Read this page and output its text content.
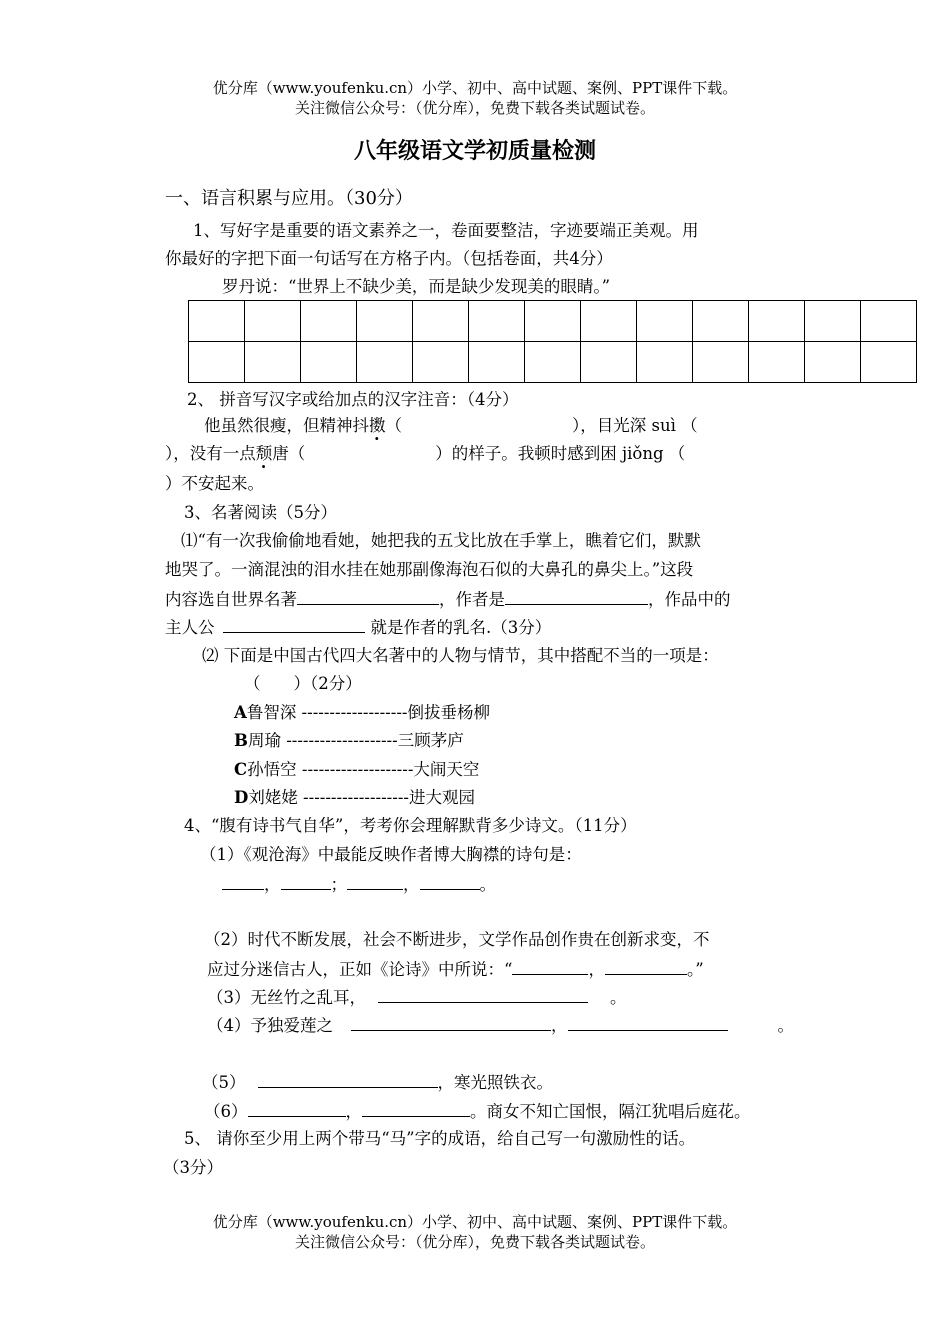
优分库（www.youfenku.cn）小学、初中、高中试题、案例、PPT课件下载。
关注微信公众号：（优分库），免费下载各类试题试卷。
八年级语文学初质量检测
一、语言积累与应用。（30分）
1、写好字是重要的语文素养之一，卷面要整洁，字迹要端正美观。用
你最好的字把下面一句话写在方格子内。（包括卷面，共4分）
罗丹说：“世界上不缺少美，而是缺少发现美的眼睛。”

2、 拼音写汉字或给加点的汉字注音：（4分）
他虽然很瘦，但精神抖擞（	），目光深 suì （
），没有一点颓唐（	）的样子。我顿时感到困 jiǒng （
）不安起来。
3、名著阅读（5分）
⑴“有一次我偷偷地看她，她把我的五戈比放在手掌上，瞧着它们，默默
地哭了。一滴混浊的泪水挂在她那副像海泡石似的大鼻孔的鼻尖上。”这段
内容选自世界名著	，作者是	，作品中的
主人公	就是作者的乳名.（3分）
⑵ 下面是中国古代四大名著中的人物与情节，其中搭配不当的一项是：
（　　）（2分）
A鲁智深 -------------------倒拔垂杨柳
B周瑜 --------------------三顾茅庐
C孙悟空 --------------------大闹天空
D刘姥姥 -------------------进大观园
4、“腹有诗书气自华”，考考你会理解默背多少诗文。（11分）
（1）《观沧海》中最能反映作者博大胸襟的诗句是：
，	；	，	。
（2）时代不断发展，社会不断进步，文学作品创作贵在创新求变，不
应过分迷信古人，正如《论诗》中所说：“	，	。”
（3）无丝竹之乱耳，	。
（4）予独爱莲之	，	。
（5）	，寒光照铁衣。
（6）	，	。商女不知亡国恨，隔江犹唱后庭花。
5、 请你至少用上两个带马“马”字的成语，给自己写一句激励性的话。
（3分）
优分库（www.youfenku.cn）小学、初中、高中试题、案例、PPT课件下载。
关注微信公众号：（优分库），免费下载各类试题试卷。
